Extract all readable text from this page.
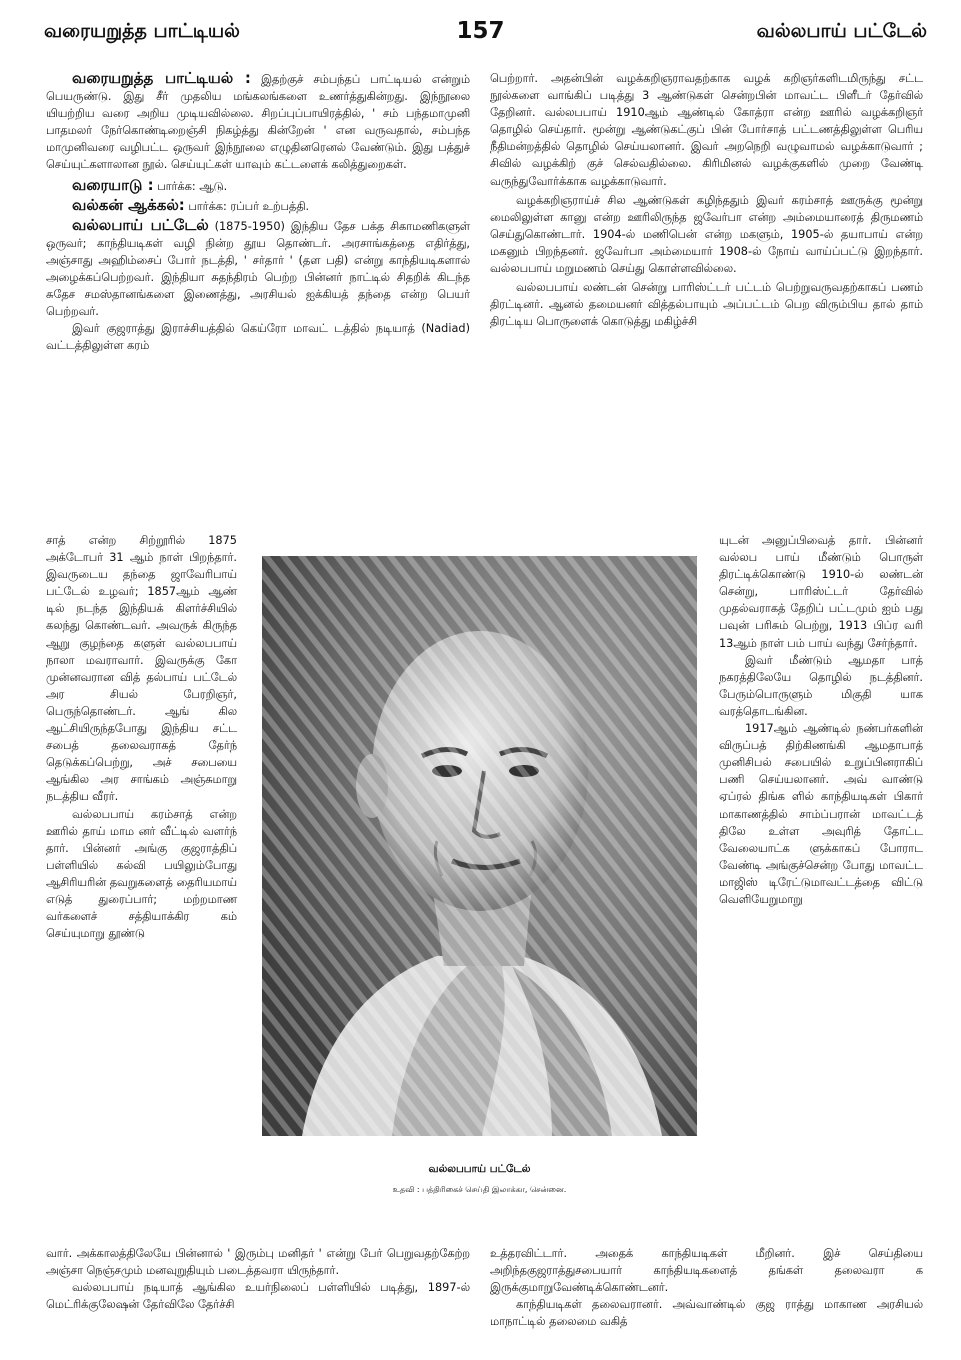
வரையறுத்த பாட்டியல்	157	வல்லபாய் பட்டேல்

வரையறுத்த பாட்டியல் : இதற்குச் சம்பந்தப் பாட்டியல் என்றும் பெயருண்டு. இது சீர் முதலிய மங்கலங்களை உணர்த்துகின்றது. இந்நூலை யியற்றிய வரை அறிய முடியவில்லை. சிறப்புப்பாயிரத்தில், ' சம் பந்தமாமுனி பாதமலர் நேர்கொண்டிறைஞ்சி நிகழ்த்து கின்றேன் ' என வருவதால், சம்பந்த மாமுனிவரை வழிபட்ட ஒருவர் இந்நூலை எழுதினரெனல் வேண்டும். இது பத்துச் செய்யுட்களாலான நூல். செய்யுட்கள் யாவும் கட்டளைக் கலித்துறைகள்.

வரையாடு : பார்க்க: ஆடு.

வல்கன் ஆக்கல்: பார்க்க: ரப்பர் உற்பத்தி.

வல்லபாய் பட்டேல் (1875-1950) இந்திய தேச பக்த சிகாமணிகளுள் ஒருவர்; காந்தியடிகள் வழி நின்ற தூய தொண்டர். அரசாங்கத்தை எதிர்த்து, அஞ்சாது அஹிம்சைப் போர் நடத்தி, ' சர்தார் ' (தள பதி) என்று காந்தியடிகளால் அழைக்கப்பெற்றவர். இந்தியா சுதந்திரம் பெற்ற பின்னர் நாட்டில் சிதறிக் கிடந்த சுதேச சமஸ்தானங்களை இணைத்து, அரசியல் ஐக்கியத் தந்தை என்ற பெயர் பெற்றவர்.

இவர் குஜராத்து இராச்சியத்தில் கெய்ரோ மாவட் டத்தில் நடியாத் (Nadiad) வட்டத்திலுள்ள கரம்

பெற்றார். அதன்பின் வழக்கறிஞராவதற்காக வழக் கறிஞர்களிடமிருந்து சட்ட நூல்களை வாங்கிப் படித்து 3 ஆண்டுகள் சென்றபின் மாவட்ட பிளீடர் தேர்வில் தேறினர். வல்லபபாய் 1910ஆம் ஆண்டில் கோத்ரா என்ற ஊரில் வழக்கறிஞர் தொழில் செய்தார். மூன்று ஆண்டுகட்குப் பின் போர்சாத் பட்டணத்திலுள்ள பெரிய நீதிமன்றத்தில் தொழில் செய்யலானர். இவர் அறநெறி வழுவாமல் வழக்காடுவார் ; சிவில் வழக்கிற் குச் செல்வதில்லை. கிரிமினல் வழக்குகளில் முறை வேண்டி வருந்துவோர்க்காக வழக்காடுவார்.

வழக்கறிஞராய்ச் சில ஆண்டுகள் கழிந்ததும் இவர் கரம்சாத் ஊருக்கு மூன்று மைலிலுள்ள கானு என்ற ஊரிலிருந்த ஜவேர்பா என்ற அம்மையாரைத் திருமணம் செய்துகொண்டார். 1904-ல் மணிபென் என்ற மகளும், 1905-ல் தயாபாய் என்ற மகனும் பிறந்தனர். ஜவேர்பா அம்மையார் 1908-ல் நோய் வாய்ப்பட்டு இறந்தார். வல்லபபாய் மறுமணம் செய்து கொள்ளவில்லை.

வல்லபபாய் லண்டன் சென்று பாரிஸ்ட்டர் பட்டம் பெற்றுவருவதற்காகப் பணம் திரட்டினர். ஆனல் தமையனர் வித்தல்பாயும் அப்பட்டம் பெற விரும்பிய தால் தாம் திரட்டிய பொருளைக் கொடுத்து மகிழ்ச்சி

சாத் என்ற சிற்றூரில் 1875 அக்டோபர் 31 ஆம் நாள் பிறந்தார். இவருடைய தந்தை ஜாவேரிபாய் பட்டேல் உழவர்; 1857ஆம் ஆண் டில் நடந்த இந்தியக் கிளர்ச்சியில் கலந்து கொண்டவர். அவருக் கிருந்த ஆறு குழந்தை களுள் வல்லபபாய் நாலா மவராவார். இவருக்கு கோ முன்னவரான வித் தல்பாய் பட்டேல் அர சியல் பேரறிஞர், பெருந்தொண்டர். ஆங் கில ஆட்சியிருந்தபோது இந்திய சட்ட சபைத் தலைவராகத் தேர்ந் தெடுக்கப்பெற்று, அச் சபையை ஆங்கில அர சாங்கம் அஞ்சுமாறு நடத்திய வீரர்.

வல்லபபாய் கரம்சாத் என்ற ஊரில் தாய் மாம னர் வீட்டில் வளர்ந் தார். பின்னர் அங்கு குஜராத்திப் பள்ளியில் கல்வி பயிலும்போது ஆசிரியரின் தவறுகளைத் தைரியமாய் எடுத் துரைப்பார்; மற்றமாண வர்களைச் சத்தியாக்கிர கம் செய்யுமாறு தூண்டு

வல்லபபாய் பட்டேல்
உதவி : பத்திரிகைச் செய்தி இலாக்கா, சென்னை.

யுடன் அனுப்பிவைத் தார். பின்னர் வல்லப பாய் மீண்டும் பொருள் திரட்டிக்கொண்டு 1910-ல் லண்டன் சென்று, பாரிஸ்ட்டர் தேர்வில் முதல்வராகத் தேறிப் பட்டமும் ஐம் பது பவுன் பரிசும் பெற்று, 1913 பிப்ர வரி 13ஆம் நாள் பம் பாய் வந்து சேர்ந்தார்.

இவர் மீண்டும் ஆமதா பாத் நகரத்திலேயே தொழில் நடத்தினர். பேரும்பொருளும் மிகுதி யாக வரத்தொடங்கின.

1917ஆம் ஆண்டில் நண்பர்களின் விருப்பத் திற்கிணங்கி ஆமதாபாத் முனிசிபல் சபையில் உறுப்பினராகிப் பணி செய்யலானர். அவ் வாண்டு ஏப்ரல் திங்க ளில் காந்தியடிகள் பிகார் மாகாணத்தில் சாம்ப்பரான் மாவட்டத் திலே உள்ள அவுரித் தோட்ட வேலையாட்க ளுக்காகப் போராட வேண்டி அங்குச்சென்ற போது மாவட்ட மாஜிஸ் டிரேட்டுமாவட்டத்தை விட்டு வெளியேறுமாறு

வார். அக்காலத்திலேயே பின்னால் ' இரும்பு மனிதர் ' என்று பேர் பெறுவதற்கேற்ற அஞ்சா நெஞ்சமும் மனவுறுதியும் படைத்தவரா யிருந்தார்.

வல்லபபாய் நடியாத் ஆங்கில உயர்நிலைப் பள்ளியில் படித்து, 1897-ல் மெட்ரிக்குலேஷன் தேர்விலே தேர்ச்சி

உத்தரவிட்டார். அதைக் காந்தியடிகள் மீறினர். இச் செய்தியை அறிந்தகுஜராத்துசபையார் காந்தியடிகளைத் தங்கள் தலைவரா க இருக்குமாறுவேண்டிக்கொண்டனர்.

காந்தியடிகள் தலைவரானர். அவ்வாண்டில் குஜ ராத்து மாகாண அரசியல் மாநாட்டில் தலைமை வகித்
